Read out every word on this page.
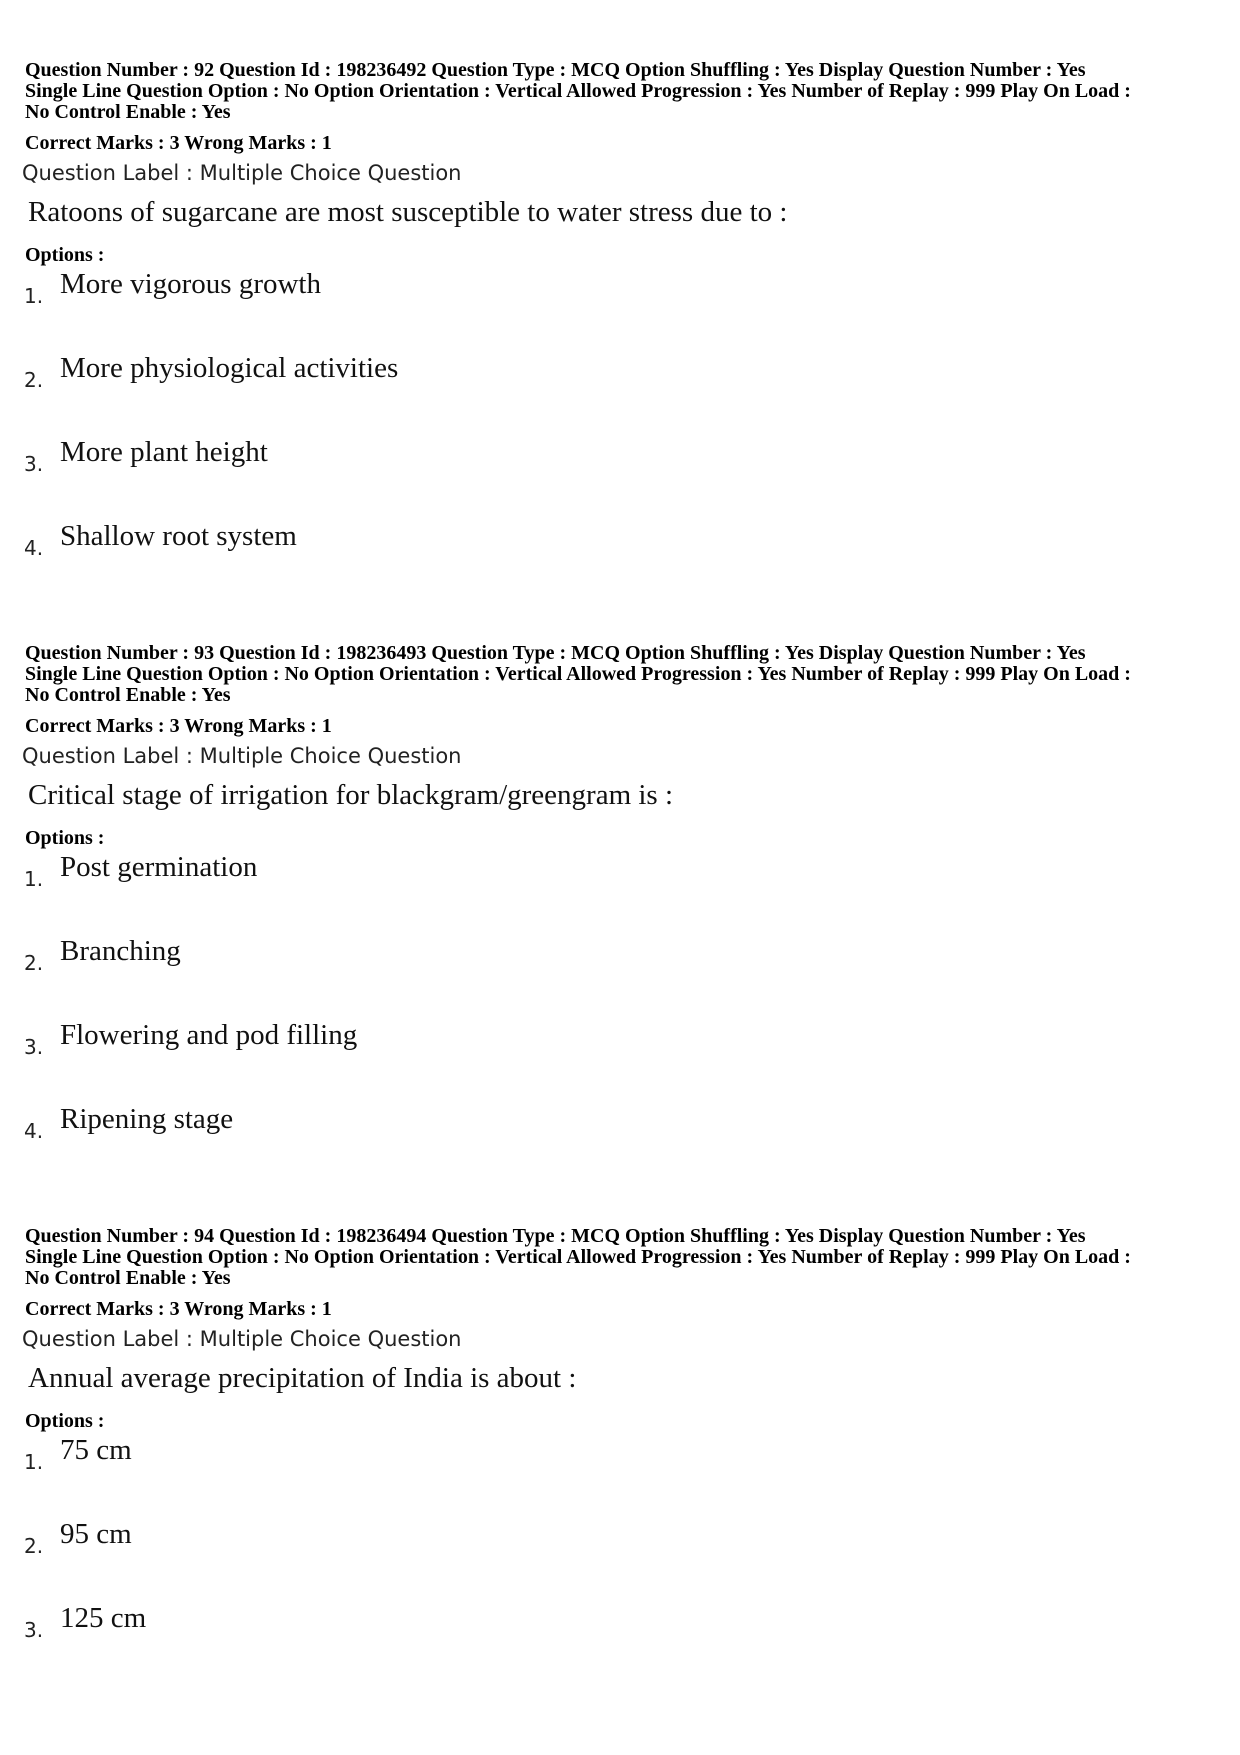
Question Number : 92 Question Id : 198236492 Question Type : MCQ Option Shuffling : Yes Display Question Number : Yes

Single Line Question Option : No Option Orientation : Vertical Allowed Progression : Yes Number of Replay : 999 Play On Load :

No Control Enable : Yes

Correct Marks : 3 Wrong Marks : 1

Question Label : Multiple Choice Question
Ratoons of sugarcane are most susceptible to water stress due to :

Options :

1. More vigorous growth
2. More physiological activities
3. More plant height
4. Shallow root system

Question Number : 93 Question Id : 198236493 Question Type : MCQ Option Shuffling : Yes Display Question Number : Yes

Single Line Question Option : No Option Orientation : Vertical Allowed Progression : Yes Number of Replay : 999 Play On Load :

No Control Enable : Yes

Correct Marks : 3 Wrong Marks : 1

Question Label : Multiple Choice Question
Critical stage of irrigation for blackgram/greengram is :

Options :

1. Post germination
2. Branching
3. Flowering and pod filling
4. Ripening stage

Question Number : 94 Question Id : 198236494 Question Type : MCQ Option Shuffling : Yes Display Question Number : Yes

Single Line Question Option : No Option Orientation : Vertical Allowed Progression : Yes Number of Replay : 999 Play On Load :

No Control Enable : Yes

Correct Marks : 3 Wrong Marks : 1

Question Label : Multiple Choice Question
Annual average precipitation of India is about :

Options :

1. 75 cm
2. 95 cm
3. 125 cm
